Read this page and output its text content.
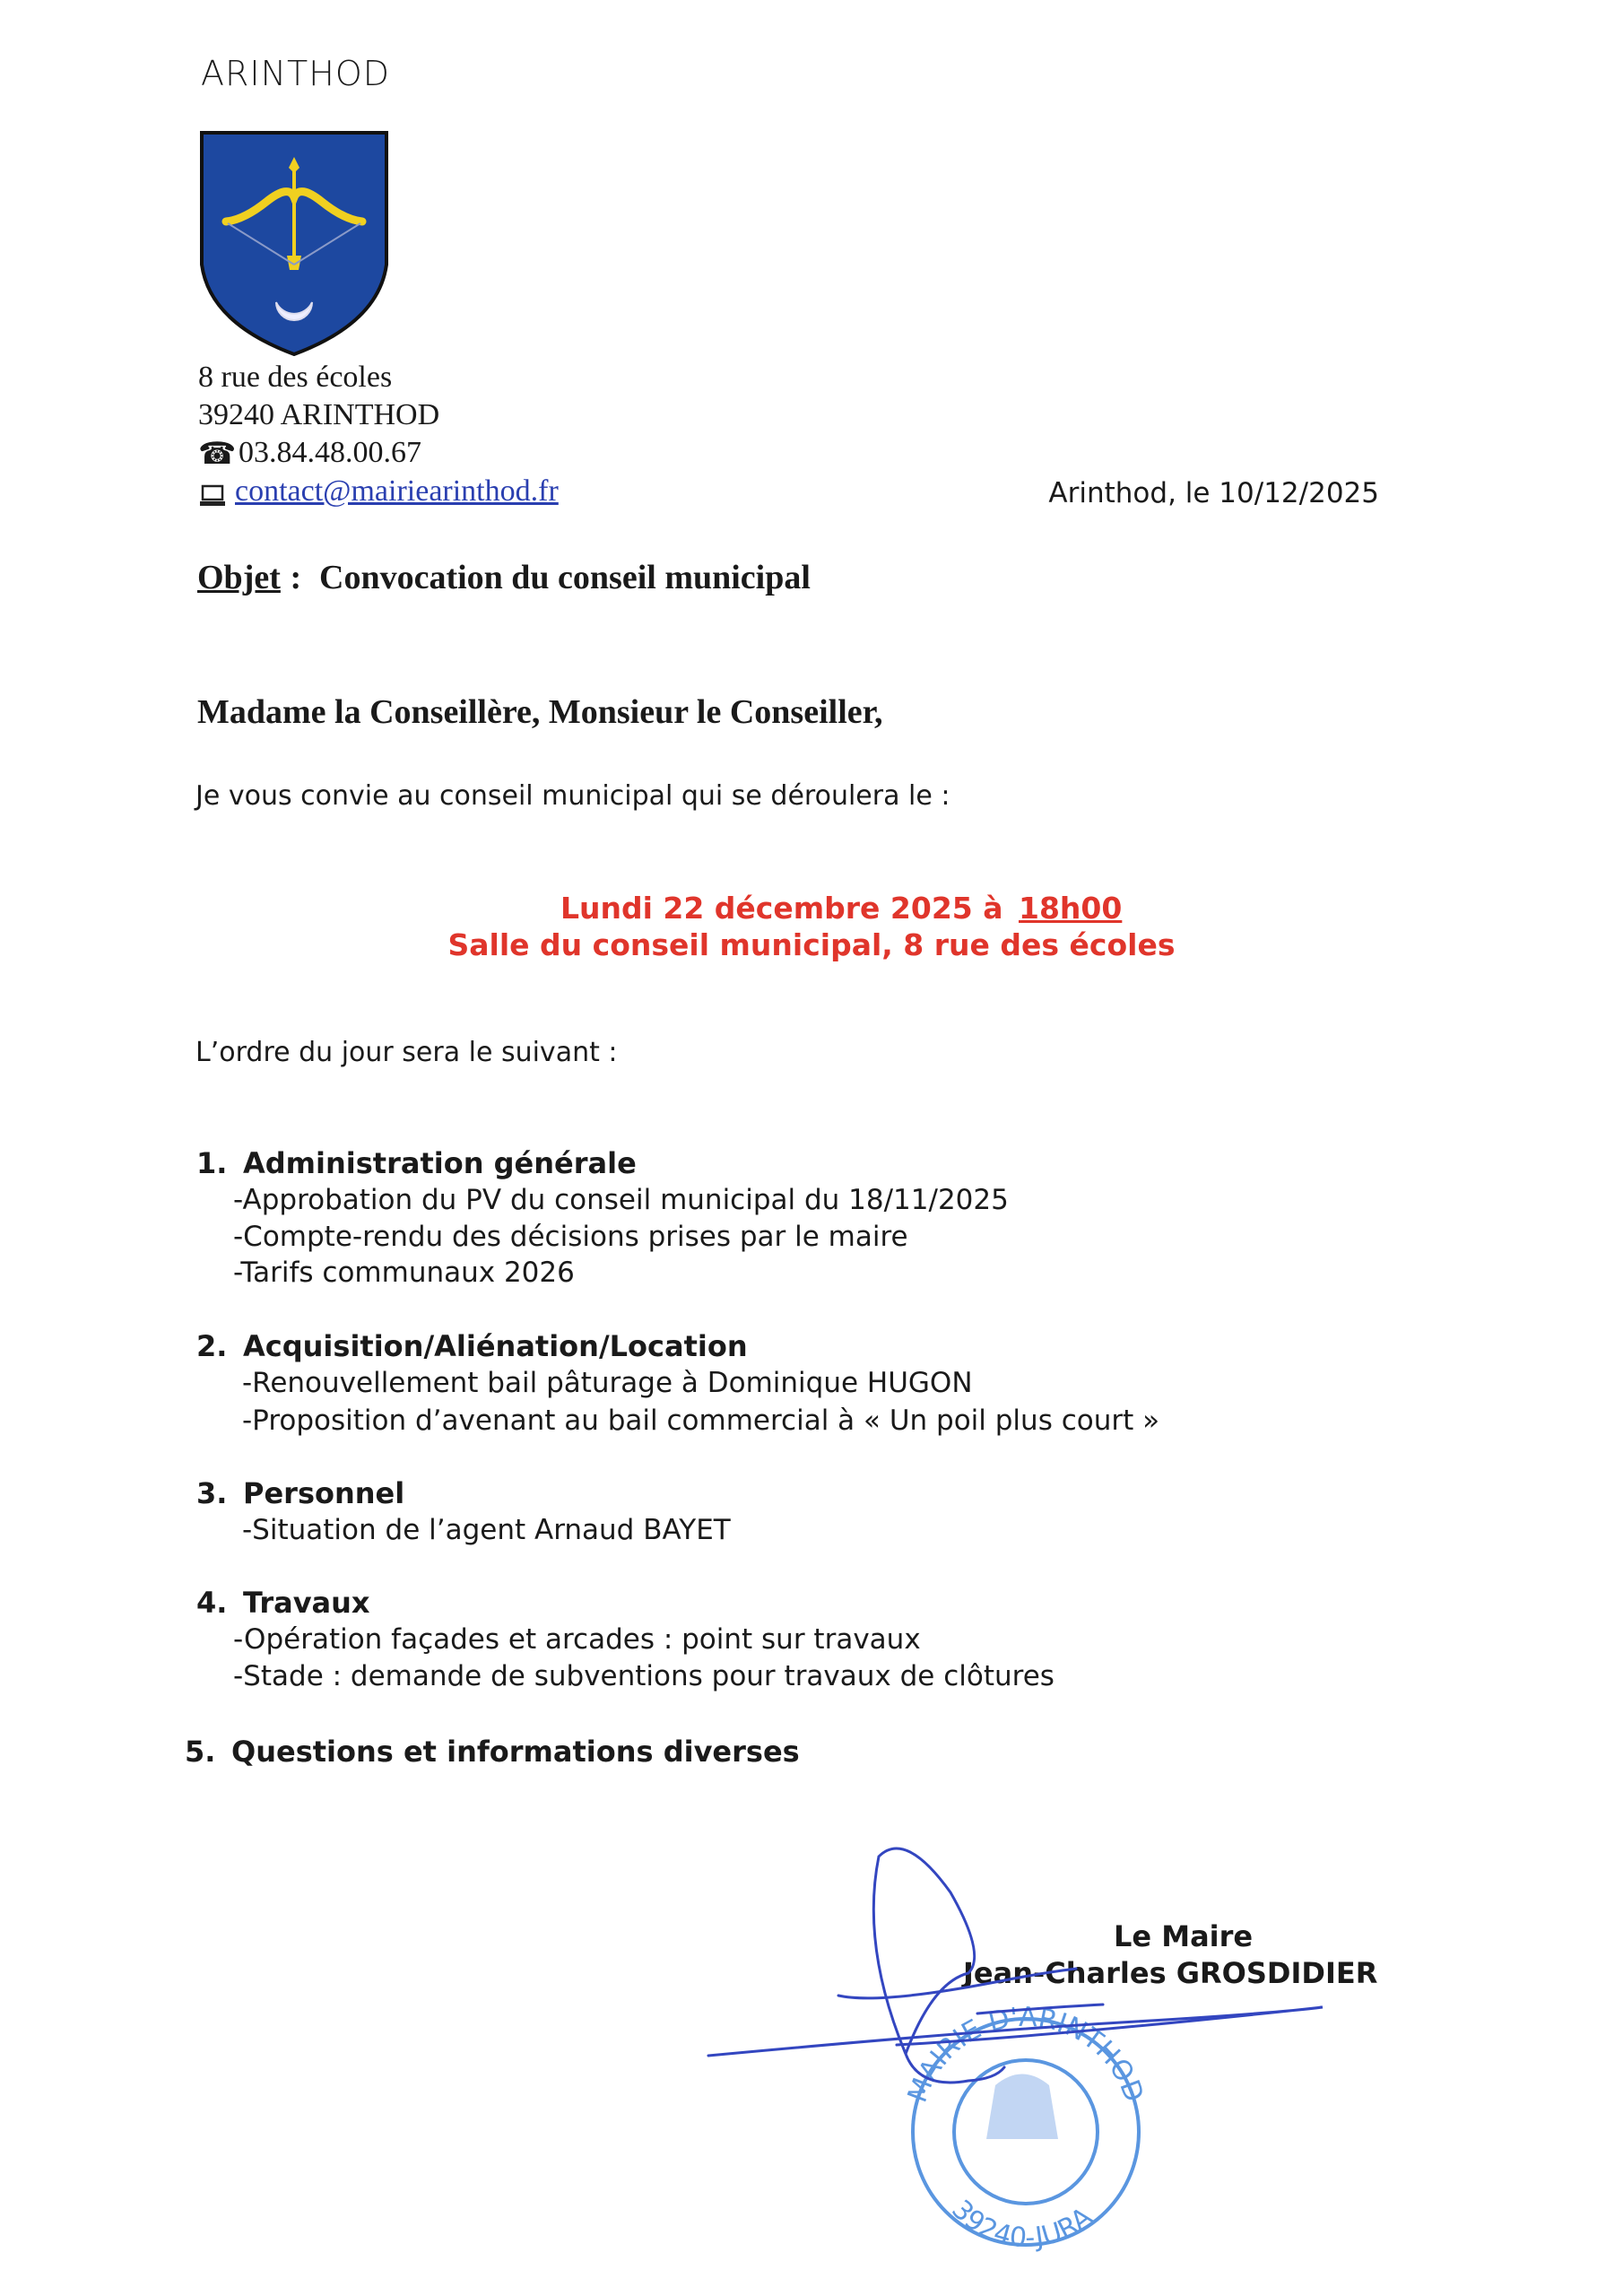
ARINTHOD
8 rue des écoles
39240 ARINTHOD
☎ 03.84.48.00.67
contact@mairiearinthod.fr	Arinthod, le 10/12/2025
Objet : Convocation du conseil municipal
Madame la Conseillère, Monsieur le Conseiller,
Je vous convie au conseil municipal qui se déroulera le :
Lundi 22 décembre 2025 à 18h00
Salle du conseil municipal, 8 rue des écoles
L’ordre du jour sera le suivant :
1. Administration générale
-Approbation du PV du conseil municipal du 18/11/2025
-Compte-rendu des décisions prises par le maire
-Tarifs communaux 2026
2. Acquisition/Aliénation/Location
-Renouvellement bail pâturage à Dominique HUGON
-Proposition d’avenant au bail commercial à « Un poil plus court »
3. Personnel
-Situation de l’agent Arnaud BAYET
4. Travaux
-Opération façades et arcades : point sur travaux
-Stade : demande de subventions pour travaux de clôtures
5. Questions et informations diverses
MAIRIE D'ARINTHOD
39240-JURA
Le Maire
Jean-Charles GROSDIDIER
